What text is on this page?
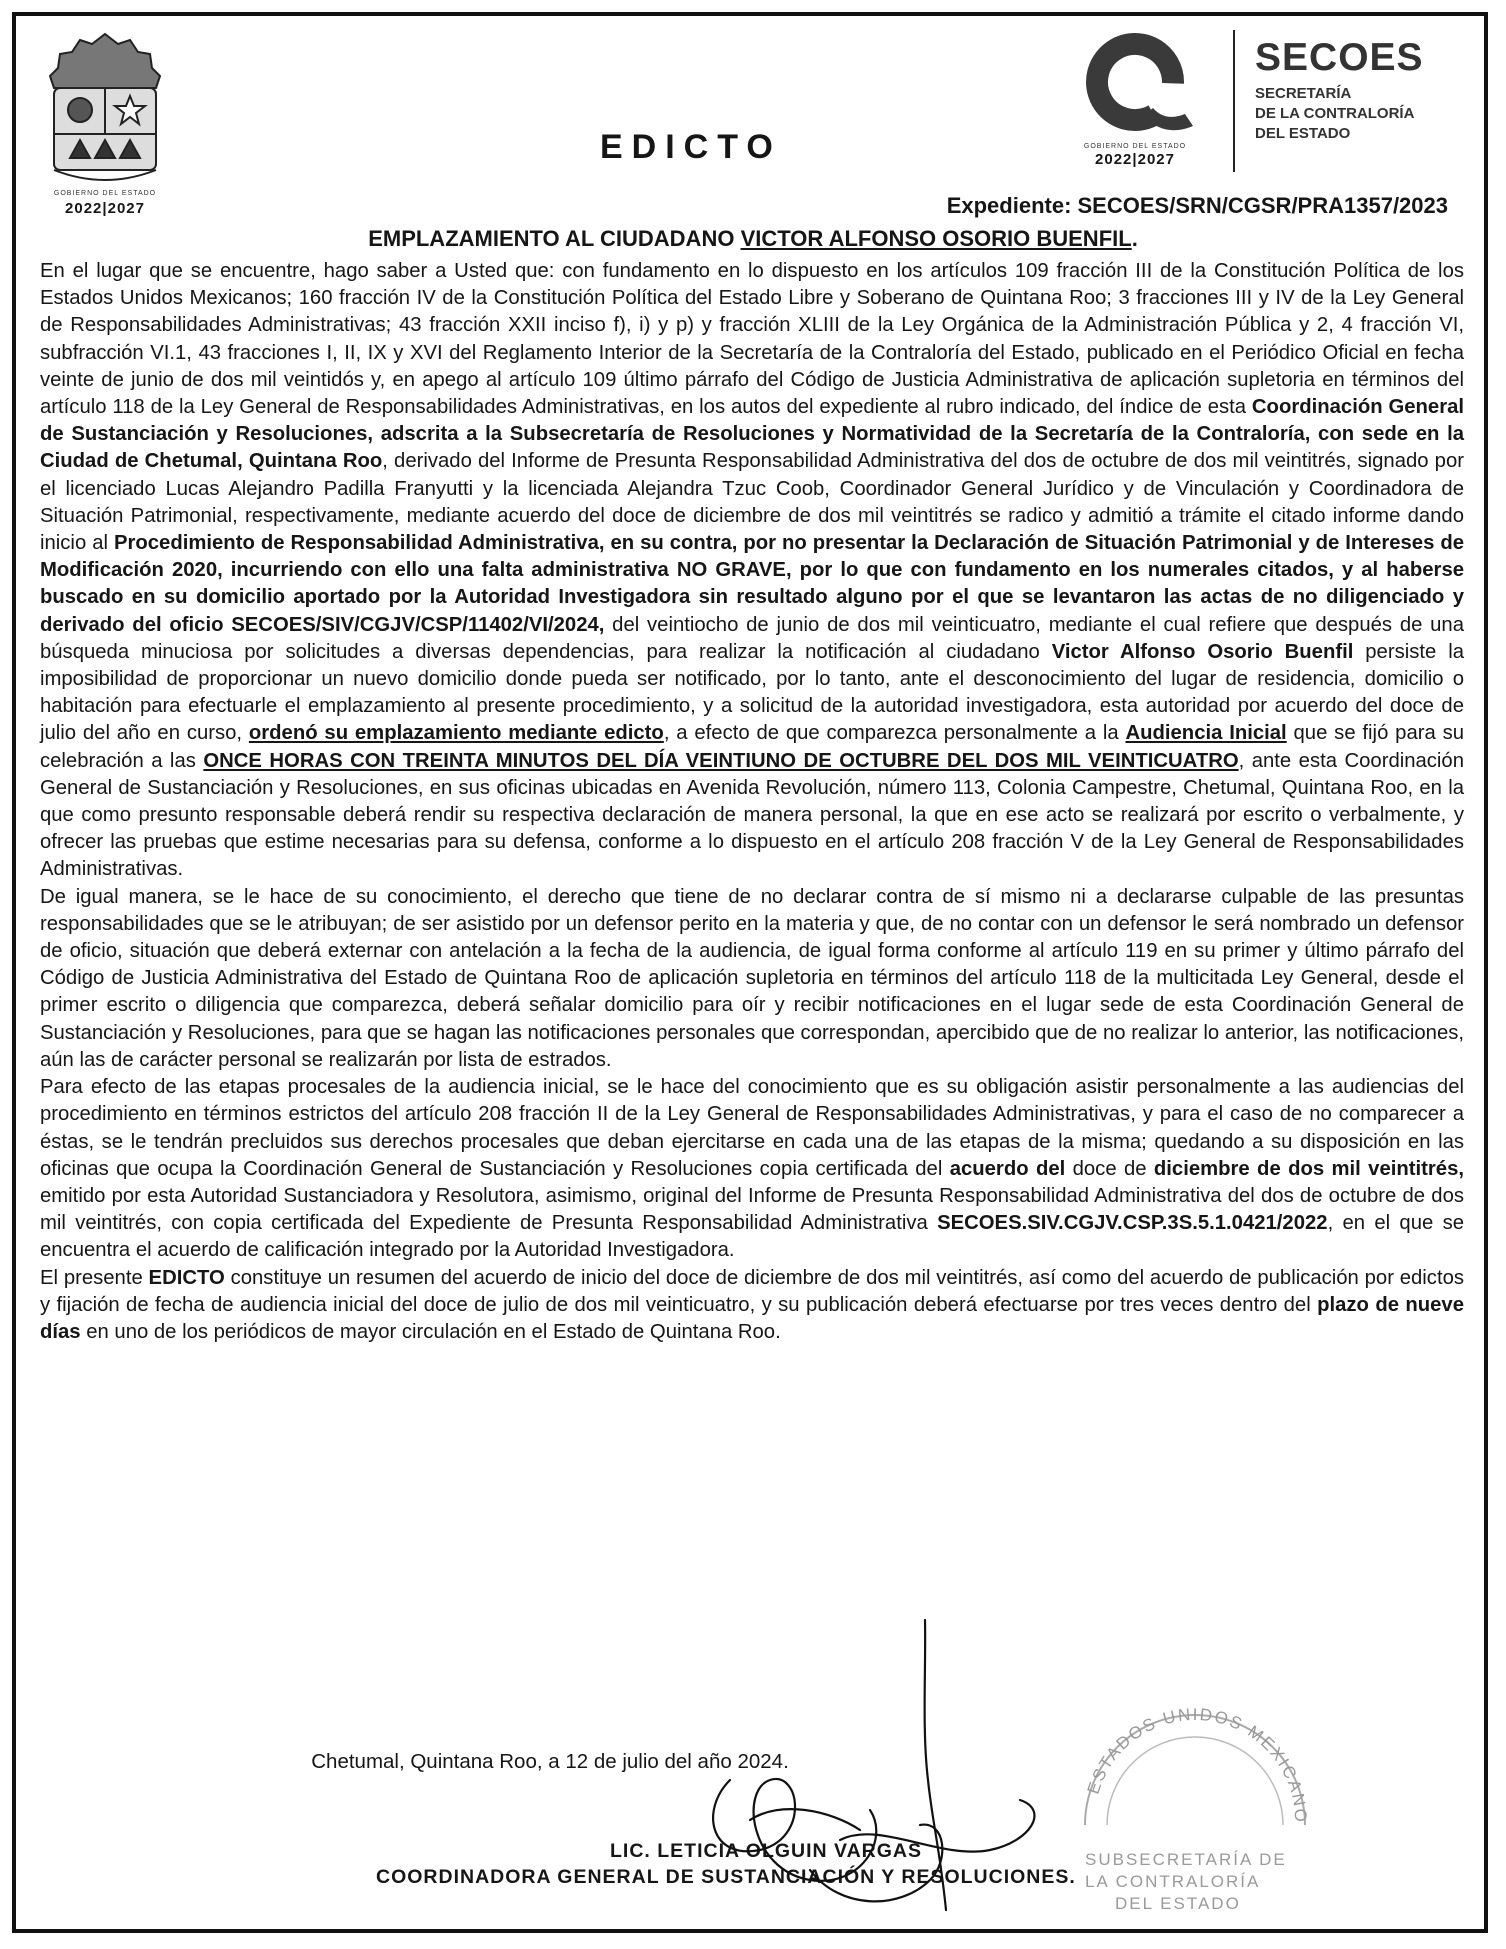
GOBIERNO DEL ESTADO
2022|2027
EDICTO	GOBIERNO DEL ESTADO
2022|2027
SECOES
SECRETARÍA
DE LA CONTRALORÍA
DEL ESTADO
Expediente: SECOES/SRN/CGSR/PRA1357/2023
EMPLAZAMIENTO AL CIUDADANO VICTOR ALFONSO OSORIO BUENFIL.

En el lugar que se encuentre, hago saber a Usted que: con fundamento en lo dispuesto en los artículos 109 fracción III de la Constitución Política de los Estados Unidos Mexicanos; 160 fracción IV de la Constitución Política del Estado Libre y Soberano de Quintana Roo; 3 fracciones III y IV de la Ley General de Responsabilidades Administrativas; 43 fracción XXII inciso f), i) y p) y fracción XLIII de la Ley Orgánica de la Administración Pública y 2, 4 fracción VI, subfracción VI.1, 43 fracciones I, II, IX y XVI del Reglamento Interior de la Secretaría de la Contraloría del Estado, publicado en el Periódico Oficial en fecha veinte de junio de dos mil veintidós y, en apego al artículo 109 último párrafo del Código de Justicia Administrativa de aplicación supletoria en términos del artículo 118 de la Ley General de Responsabilidades Administrativas, en los autos del expediente al rubro indicado, del índice de esta Coordinación General de Sustanciación y Resoluciones, adscrita a la Subsecretaría de Resoluciones y Normatividad de la Secretaría de la Contraloría, con sede en la Ciudad de Chetumal, Quintana Roo, derivado del Informe de Presunta Responsabilidad Administrativa del dos de octubre de dos mil veintitrés, signado por el licenciado Lucas Alejandro Padilla Franyutti y la licenciada Alejandra Tzuc Coob, Coordinador General Jurídico y de Vinculación y Coordinadora de Situación Patrimonial, respectivamente, mediante acuerdo del doce de diciembre de dos mil veintitrés se radico y admitió a trámite el citado informe dando inicio al Procedimiento de Responsabilidad Administrativa, en su contra, por no presentar la Declaración de Situación Patrimonial y de Intereses de Modificación 2020, incurriendo con ello una falta administrativa NO GRAVE, por lo que con fundamento en los numerales citados, y al haberse buscado en su domicilio aportado por la Autoridad Investigadora sin resultado alguno por el que se levantaron las actas de no diligenciado y derivado del oficio SECOES/SIV/CGJV/CSP/11402/VI/2024, del veintiocho de junio de dos mil veinticuatro, mediante el cual refiere que después de una búsqueda minuciosa por solicitudes a diversas dependencias, para realizar la notificación al ciudadano Victor Alfonso Osorio Buenfil persiste la imposibilidad de proporcionar un nuevo domicilio donde pueda ser notificado, por lo tanto, ante el desconocimiento del lugar de residencia, domicilio o habitación para efectuarle el emplazamiento al presente procedimiento, y a solicitud de la autoridad investigadora, esta autoridad por acuerdo del doce de julio del año en curso, ordenó su emplazamiento mediante edicto, a efecto de que comparezca personalmente a la Audiencia Inicial que se fijó para su celebración a las ONCE HORAS CON TREINTA MINUTOS DEL DÍA VEINTIUNO DE OCTUBRE DEL DOS MIL VEINTICUATRO, ante esta Coordinación General de Sustanciación y Resoluciones, en sus oficinas ubicadas en Avenida Revolución, número 113, Colonia Campestre, Chetumal, Quintana Roo, en la que como presunto responsable deberá rendir su respectiva declaración de manera personal, la que en ese acto se realizará por escrito o verbalmente, y ofrecer las pruebas que estime necesarias para su defensa, conforme a lo dispuesto en el artículo 208 fracción V de la Ley General de Responsabilidades Administrativas.

De igual manera, se le hace de su conocimiento, el derecho que tiene de no declarar contra de sí mismo ni a declararse culpable de las presuntas responsabilidades que se le atribuyan; de ser asistido por un defensor perito en la materia y que, de no contar con un defensor le será nombrado un defensor de oficio, situación que deberá externar con antelación a la fecha de la audiencia, de igual forma conforme al artículo 119 en su primer y último párrafo del Código de Justicia Administrativa del Estado de Quintana Roo de aplicación supletoria en términos del artículo 118 de la multicitada Ley General, desde el primer escrito o diligencia que comparezca, deberá señalar domicilio para oír y recibir notificaciones en el lugar sede de esta Coordinación General de Sustanciación y Resoluciones, para que se hagan las notificaciones personales que correspondan, apercibido que de no realizar lo anterior, las notificaciones, aún las de carácter personal se realizarán por lista de estrados.

Para efecto de las etapas procesales de la audiencia inicial, se le hace del conocimiento que es su obligación asistir personalmente a las audiencias del procedimiento en términos estrictos del artículo 208 fracción II de la Ley General de Responsabilidades Administrativas, y para el caso de no comparecer a éstas, se le tendrán precluidos sus derechos procesales que deban ejercitarse en cada una de las etapas de la misma; quedando a su disposición en las oficinas que ocupa la Coordinación General de Sustanciación y Resoluciones copia certificada del acuerdo del doce de diciembre de dos mil veintitrés, emitido por esta Autoridad Sustanciadora y Resolutora, asimismo, original del Informe de Presunta Responsabilidad Administrativa del dos de octubre de dos mil veintitrés, con copia certificada del Expediente de Presunta Responsabilidad Administrativa SECOES.SIV.CGJV.CSP.3S.5.1.0421/2022, en el que se encuentra el acuerdo de calificación integrado por la Autoridad Investigadora.

El presente EDICTO constituye un resumen del acuerdo de inicio del doce de diciembre de dos mil veintitrés, así como del acuerdo de publicación por edictos y fijación de fecha de audiencia inicial del doce de julio de dos mil veinticuatro, y su publicación deberá efectuarse por tres veces dentro del plazo de nueve días en uno de los periódicos de mayor circulación en el Estado de Quintana Roo.

Chetumal, Quintana Roo, a 12 de julio del año 2024.
ESTADOS UNIDOS MEXICANO
SUBSECRETARÍA DE
LA CONTRALORÍA
DEL ESTADO
LIC. LETICIA OLGUIN VARGAS
COORDINADORA GENERAL DE SUSTANCIACIÓN Y RESOLUCIONES.
